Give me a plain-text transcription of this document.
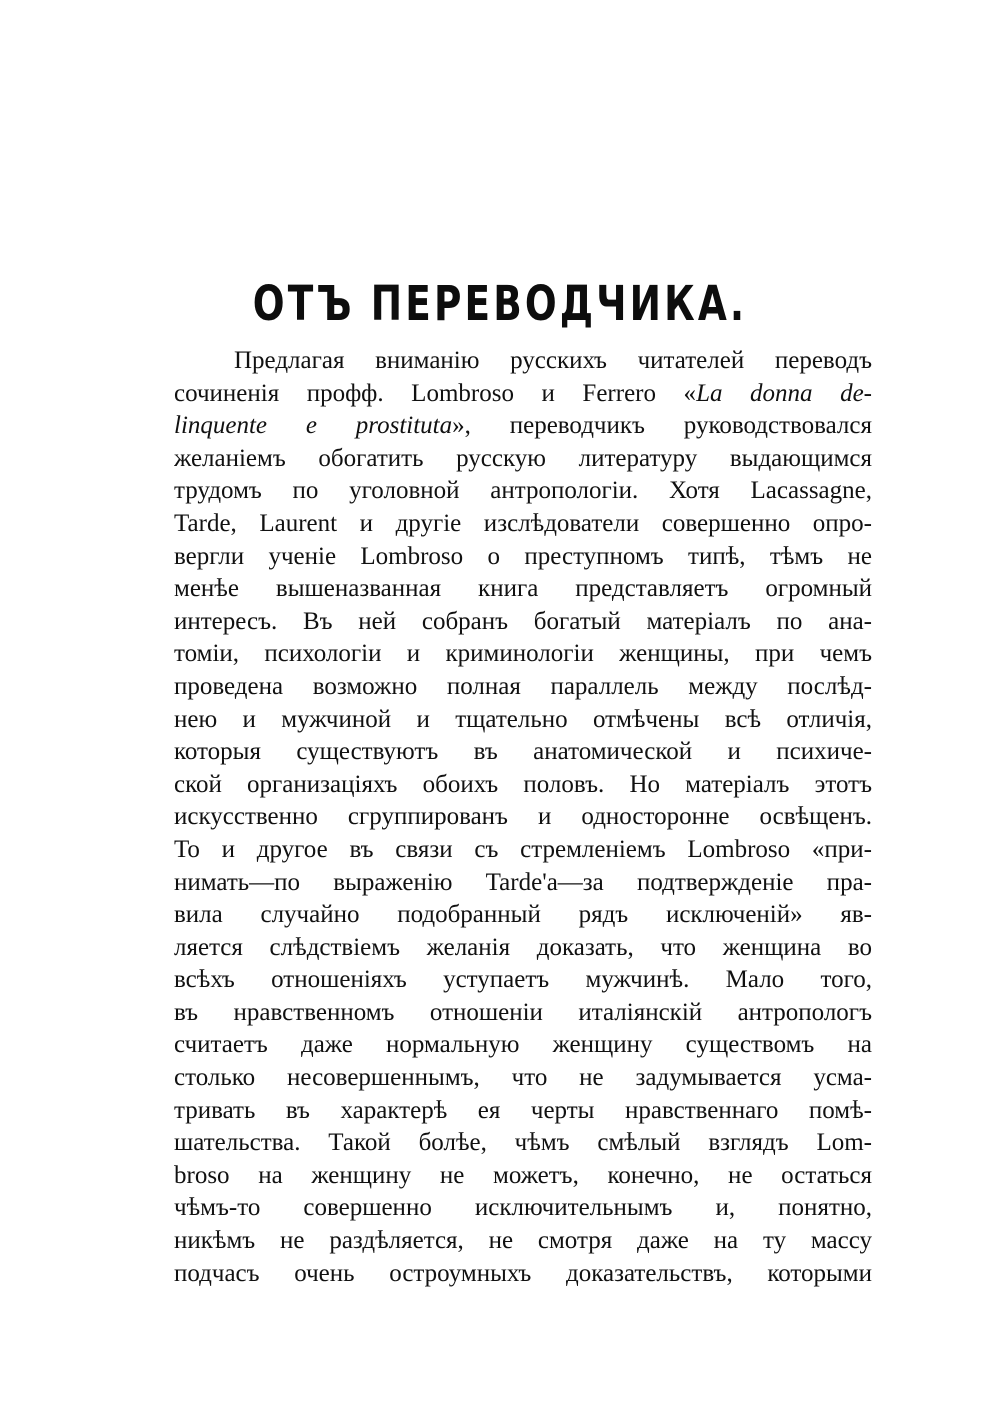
ОТЪ ПЕРЕВОДЧИКА.
Предлагая вниманію русскихъ читателей переводъ
сочиненія профф. Lombroso и Ferrero «La donna de-
linquente e prostituta», переводчикъ руководствовался
желаніемъ обогатить русскую литературу выдающимся
трудомъ по уголовной антропологіи. Хотя Lacassagne,
Tarde, Laurent и другіе изслѣдователи совершенно опро-
вергли ученіе Lombroso о преступномъ типѣ, тѣмъ не
менѣе вышеназванная книга представляетъ огромный
интересъ. Въ ней собранъ богатый матеріалъ по ана-
томіи, психологіи и криминологіи женщины, при чемъ
проведена возможно полная параллель между послѣд-
нею и мужчиной и тщательно отмѣчены всѣ отличія,
которыя существуютъ въ анатомической и психиче-
ской организаціяхъ обоихъ половъ. Но матеріалъ этотъ
искусственно сгруппированъ и односторонне освѣщенъ.
То и другое въ связи съ стремленіемъ Lombroso «при-
нимать—по выраженію Tarde'a—за подтвержденіе пра-
вила случайно подобранный рядъ исключеній» яв-
ляется слѣдствіемъ желанія доказать, что женщина во
всѣхъ отношеніяхъ уступаетъ мужчинѣ. Мало того,
въ нравственномъ отношеніи италіянскій антропологъ
считаетъ даже нормальную женщину существомъ на
столько несовершеннымъ, что не задумывается усма-
тривать въ характерѣ ея черты нравственнаго помѣ-
шательства. Такой болѣе, чѣмъ смѣлый взглядъ Lom-
broso на женщину не можетъ, конечно, не остаться
чѣмъ-то совершенно исключительнымъ и, понятно,
никѣмъ не раздѣляется, не смотря даже на ту массу
подчасъ очень остроумныхъ доказательствъ, которыми
